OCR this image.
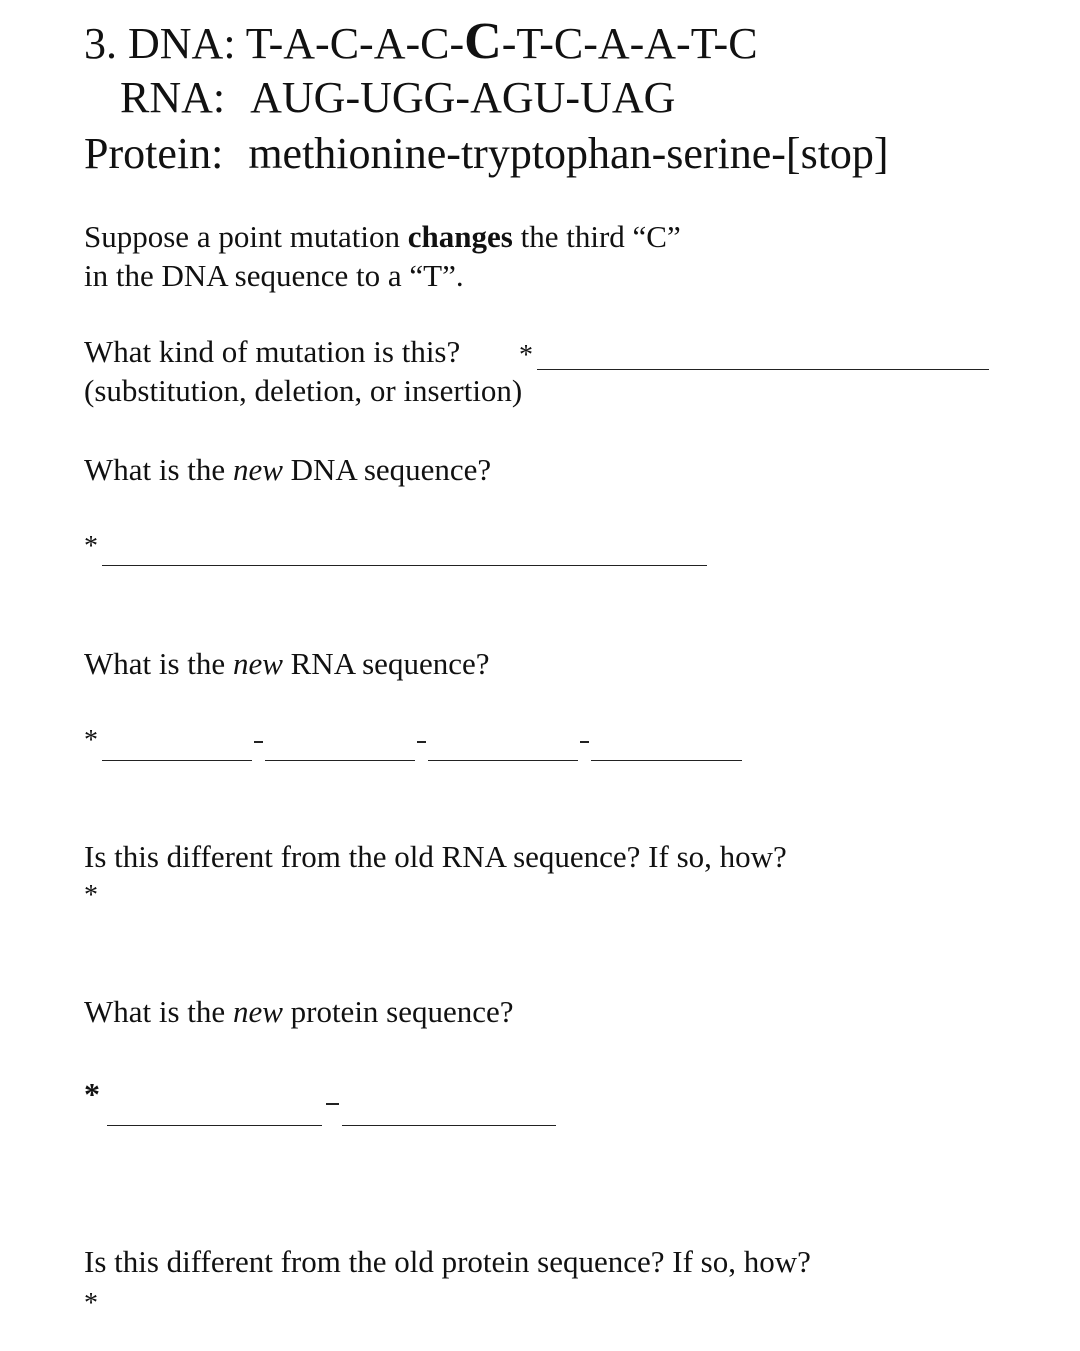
3. DNA: T-A-C-A-C-C-T-C-A-A-T-C
RNA: AUG-UGG-AGU-UAG
Protein: methionine-tryptophan-serine-[stop]
Suppose a point mutation changes the third “C”
in the DNA sequence to a “T”.
What kind of mutation is this? *
(substitution, deletion, or insertion)
What is the new DNA sequence?
*
What is the new RNA sequence?
*
Is this different from the old RNA sequence? If so, how?
*
What is the new protein sequence?
*
Is this different from the old protein sequence? If so, how?
*
